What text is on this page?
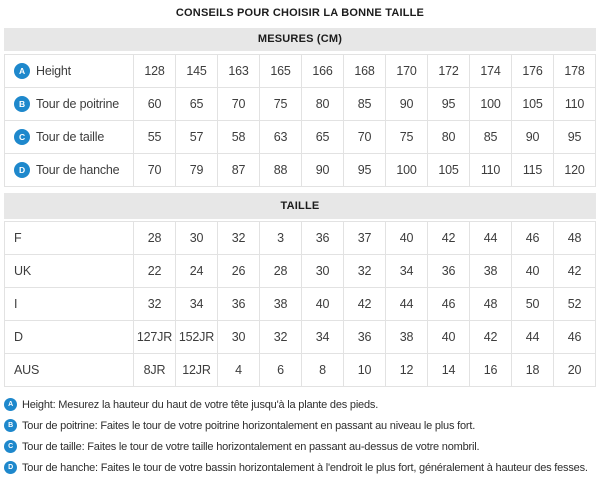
CONSEILS POUR CHOISIR LA BONNE TAILLE
MESURES (CM)
A Height	128	145	163	165	166	168	170	172	174	176	178

B Tour de poitrine	60	65	70	75	80	85	90	95	100	105	110

C Tour de taille	55	57	58	63	65	70	75	80	85	90	95

D Tour de hanche	70	79	87	88	90	95	100	105	110	115	120
TAILLE
F	28	30	32	3	36	37	40	42	44	46	48
UK	22	24	26	28	30	32	34	36	38	40	42
I	32	34	36	38	40	42	44	46	48	50	52
D	127JR	152JR	30	32	34	36	38	40	42	44	46
AUS	8JR	12JR	4	6	8	10	12	14	16	18	20
A Height: Mesurez la hauteur du haut de votre tête jusqu'à la plante des pieds.
B Tour de poitrine: Faites le tour de votre poitrine horizontalement en passant au niveau le plus fort.
C Tour de taille: Faites le tour de votre taille horizontalement en passant au-dessus de votre nombril.
D Tour de hanche: Faites le tour de votre bassin horizontalement à l'endroit le plus fort, généralement à hauteur des fesses.
